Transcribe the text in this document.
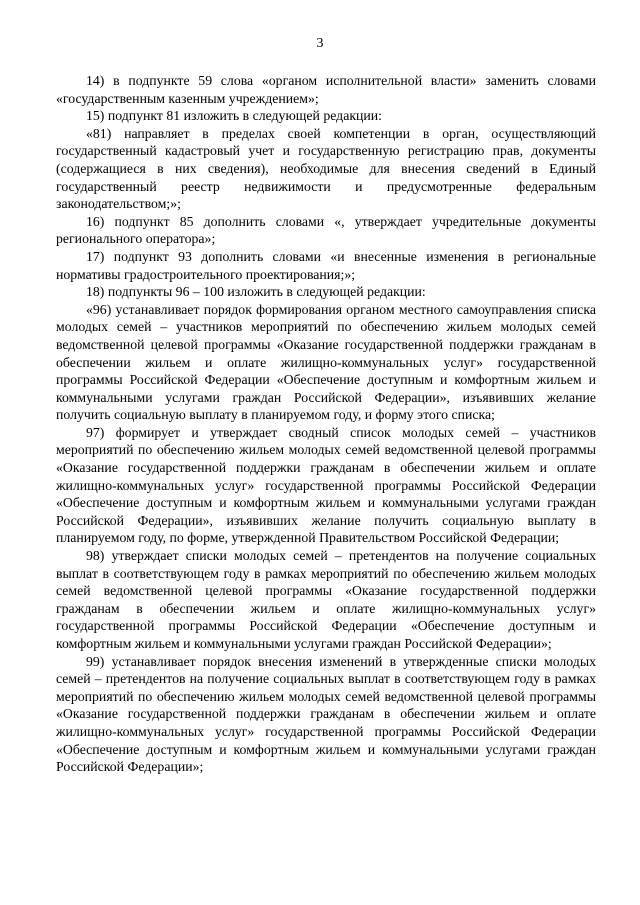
3

14) в подпункте 59 слова «органом исполнительной власти» заменить словами «государственным казенным учреждением»;

15) подпункт 81 изложить в следующей редакции:

«81) направляет в пределах своей компетенции в орган, осуществляющий государственный кадастровый учет и государственную регистрацию прав, документы (содержащиеся в них сведения), необходимые для внесения сведений в Единый государственный реестр недвижимости и предусмотренные федеральным законодательством;»;

16) подпункт 85 дополнить словами «, утверждает учредительные документы регионального оператора»;

17) подпункт 93 дополнить словами «и внесенные изменения в региональные нормативы градостроительного проектирования;»;

18) подпункты 96 – 100 изложить в следующей редакции:

«96) устанавливает порядок формирования органом местного самоуправления списка молодых семей – участников мероприятий по обеспечению жильем молодых семей ведомственной целевой программы «Оказание государственной поддержки гражданам в обеспечении жильем и оплате жилищно-коммунальных услуг» государственной программы Российской Федерации «Обеспечение доступным и комфортным жильем и коммунальными услугами граждан Российской Федерации», изъявивших желание получить социальную выплату в планируемом году, и форму этого списка;

97) формирует и утверждает сводный список молодых семей – участников мероприятий по обеспечению жильем молодых семей ведомственной целевой программы «Оказание государственной поддержки гражданам в обеспечении жильем и оплате жилищно-коммунальных услуг» государственной программы Российской Федерации «Обеспечение доступным и комфортным жильем и коммунальными услугами граждан Российской Федерации», изъявивших желание получить социальную выплату в планируемом году, по форме, утвержденной Правительством Российской Федерации;

98) утверждает списки молодых семей – претендентов на получение социальных выплат в соответствующем году в рамках мероприятий по обеспечению жильем молодых семей ведомственной целевой программы «Оказание государственной поддержки гражданам в обеспечении жильем и оплате жилищно-коммунальных услуг» государственной программы Российской Федерации «Обеспечение доступным и комфортным жильем и коммунальными услугами граждан Российской Федерации»;

99) устанавливает порядок внесения изменений в утвержденные списки молодых семей – претендентов на получение социальных выплат в соответствующем году в рамках мероприятий по обеспечению жильем молодых семей ведомственной целевой программы «Оказание государственной поддержки гражданам в обеспечении жильем и оплате жилищно-коммунальных услуг» государственной программы Российской Федерации «Обеспечение доступным и комфортным жильем и коммунальными услугами граждан Российской Федерации»;
